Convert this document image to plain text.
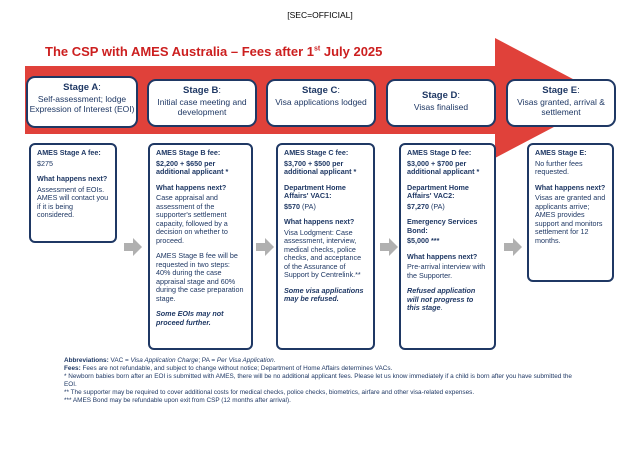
[SEC=OFFICIAL]
The CSP with AMES Australia – Fees after 1st July 2025
Stage A:
Self-assessment; lodge Expression of Interest (EOI)
Stage B:
Initial case meeting and development
Stage C:
Visa applications lodged
Stage D:
Visas finalised
Stage E:
Visas granted, arrival & settlement
AMES Stage A fee:
$275
What happens next?
Assessment of EOIs. AMES will contact you if it is being considered.
AMES Stage B fee:
$2,200 + $650 per additional applicant *
What happens next?
Case appraisal and assessment of the supporter's settlement capacity, followed by a decision on whether to proceed.
AMES Stage B fee will be requested in two steps: 40% during the case appraisal stage and 60% during the case preparation stage.
Some EOIs may not proceed further.
AMES Stage C fee:
$3,700 + $500 per additional applicant *
Department Home Affairs' VAC1:
$570 (PA)
What happens next?
Visa Lodgment: Case assessment, interview, medical checks, police checks, and acceptance of the Assurance of Support by Centrelink.**
Some visa applications may be refused.
AMES Stage D fee:
$3,000 + $700 per additional applicant *
Department Home Affairs' VAC2:
$7,270 (PA)
Emergency Services Bond:
$5,000 ***
What happens next?
Pre-arrival interview with the Supporter.
Refused application will not progress to this stage.
AMES Stage E:
No further fees requested.
What happens next?
Visas are granted and applicants arrive; AMES provides support and monitors settlement for 12 months.
Abbreviations: VAC = Visa Application Charge; PA = Per Visa Application.
Fees: Fees are not refundable, and subject to change without notice; Department of Home Affairs determines VACs.
* Newborn babies born after an EOI is submitted with AMES, there will be no additional applicant fees. Please let us know immediately if a child is born after you have submitted the EOI.
** The supporter may be required to cover additional costs for medical checks, police checks, biometrics, airfare and other visa-related expenses.
*** AMES Bond may be refundable upon exit from CSP (12 months after arrival).
